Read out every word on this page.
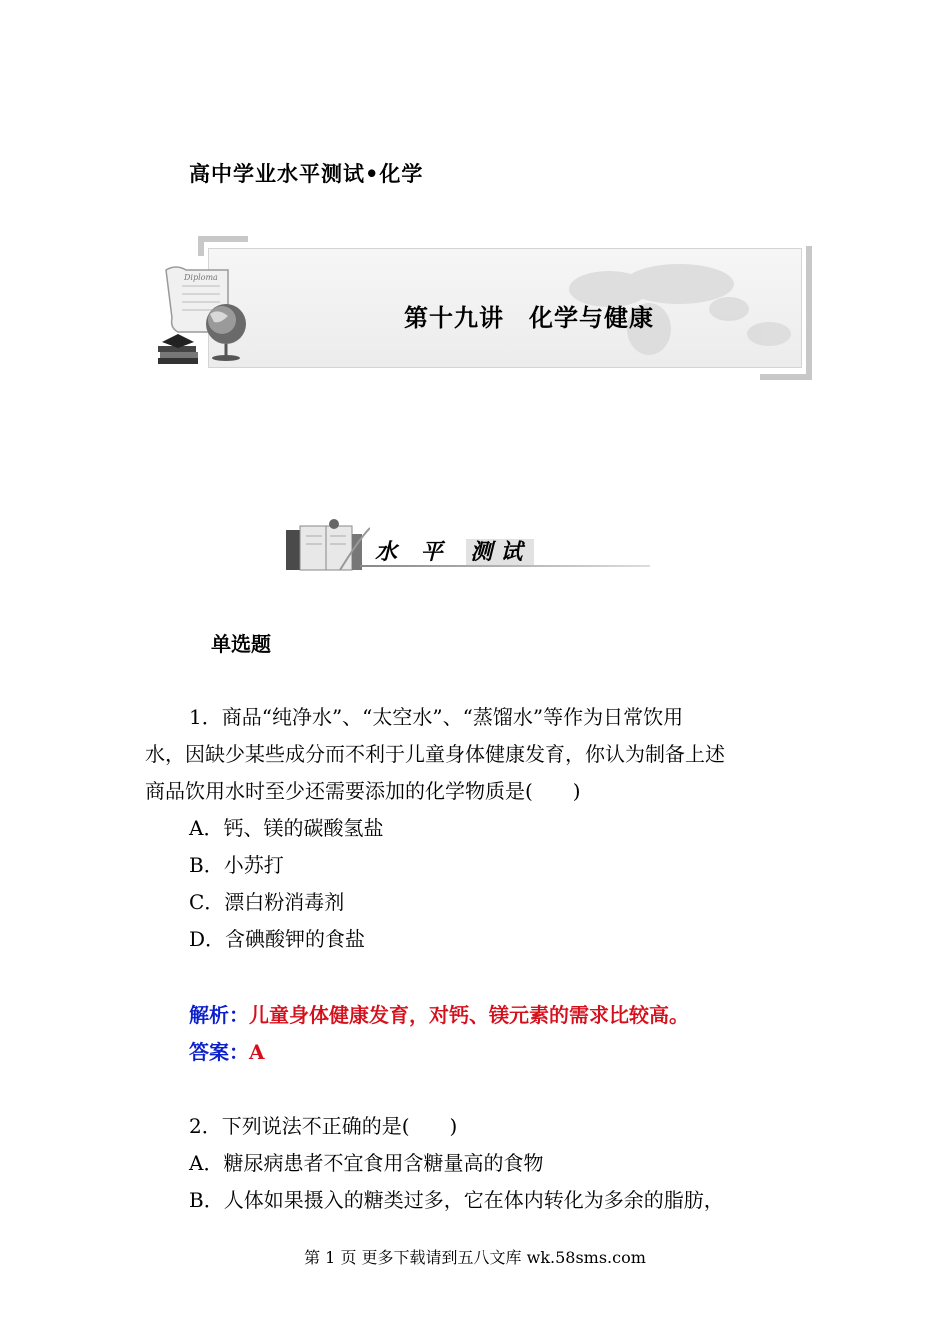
高中学业水平测试•化学
Diploma
第十九讲　化学与健康
水 平 测试
单选题
1．商品“纯净水”、“太空水”、“蒸馏水”等作为日常饮用
水，因缺少某些成分而不利于儿童身体健康发育，你认为制备上述
商品饮用水时至少还需要添加的化学物质是(　　)
A．钙、镁的碳酸氢盐
B．小苏打
C．漂白粉消毒剂
D．含碘酸钾的食盐
解析：儿童身体健康发育，对钙、镁元素的需求比较高。
答案：A
2．下列说法不正确的是(　　)
A．糖尿病患者不宜食用含糖量高的食物
B．人体如果摄入的糖类过多，它在体内转化为多余的脂肪，
第 1 页 更多下载请到五八文库 wk.58sms.com
